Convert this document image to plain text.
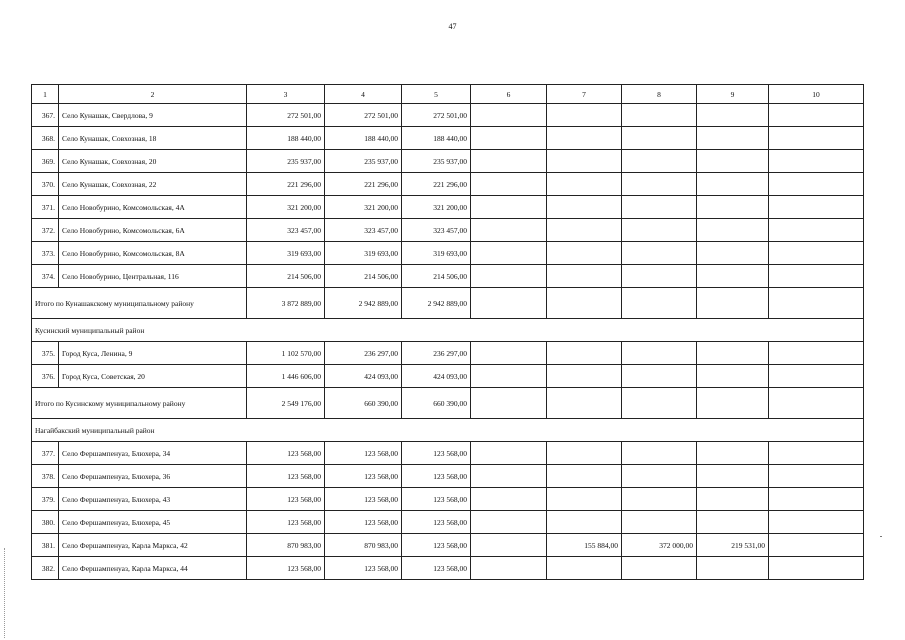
47
1	2	3	4	5	6	7	8	9	10
367.	Село Кунашак, Свердлова, 9	272 501,00	272 501,00	272 501,00					
368.	Село Кунашак, Совхозная, 18	188 440,00	188 440,00	188 440,00					
369.	Село Кунашак, Совхозная, 20	235 937,00	235 937,00	235 937,00					
370.	Село Кунашак, Совхозная, 22	221 296,00	221 296,00	221 296,00					
371.	Село Новобурино, Комсомольская, 4А	321 200,00	321 200,00	321 200,00					
372.	Село Новобурино, Комсомольская, 6А	323 457,00	323 457,00	323 457,00					
373.	Село Новобурино, Комсомольская, 8А	319 693,00	319 693,00	319 693,00					
374.	Село Новобурино, Центральная, 116	214 506,00	214 506,00	214 506,00					
Итого по Кунашакскому муниципальному району		3 872 889,00	2 942 889,00	2 942 889,00					
Кусинский муниципальный район									
375.	Город Куса, Ленина, 9	1 102 570,00	236 297,00	236 297,00					
376.	Город Куса, Советская, 20	1 446 606,00	424 093,00	424 093,00					
Итого по Кусинскому муниципальному району		2 549 176,00	660 390,00	660 390,00					
Нагайбакский муниципальный район									
377.	Село Фершампенуаз, Блюхера, 34	123 568,00	123 568,00	123 568,00					
378.	Село Фершампенуаз, Блюхера, 36	123 568,00	123 568,00	123 568,00					
379.	Село Фершампенуаз, Блюхера, 43	123 568,00	123 568,00	123 568,00					
380.	Село Фершампенуаз, Блюхера, 45	123 568,00	123 568,00	123 568,00					
381.	Село Фершампенуаз, Карла Маркса, 42	870 983,00	870 983,00	123 568,00		155 884,00	372 000,00	219 531,00	
382.	Село Фершампенуаз, Карла Маркса, 44	123 568,00	123 568,00	123 568,00					
